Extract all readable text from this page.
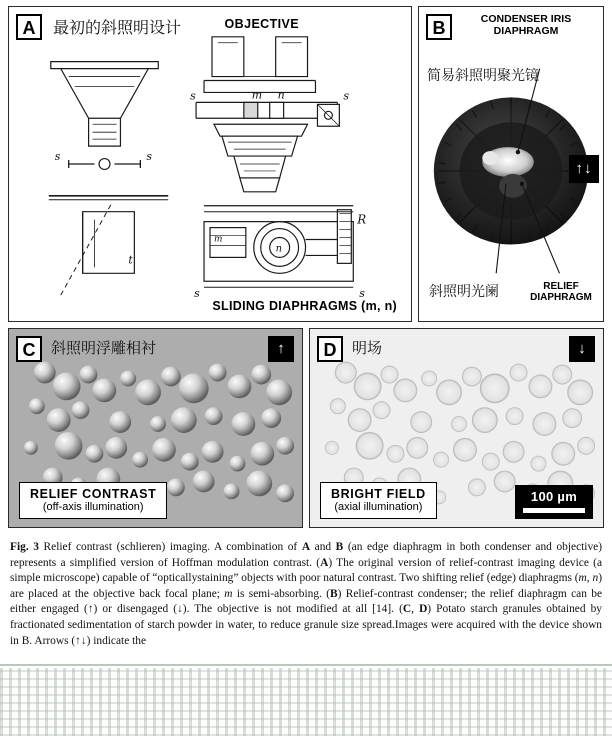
s	s
t
m n
s	s
m
n
s	s
R
A	最初的斜照明设计	OBJECTIVE
SLIDING DIAPHRAGMS (m, n)
B	CONDENSER IRIS DIAPHRAGM
简易斜照明聚光镜
斜照明光阑	RELIEF DIAPHRAGM
↑↓
C	斜照明浮雕相衬	↑
RELIEF CONTRAST
(off-axis illumination)
D	明场	↓
BRIGHT FIELD
(axial illumination)
100 µm
Fig. 3 Relief contrast (schlieren) imaging. A combination of A and B (an edge diaphragm in both condenser and objective) represents a simplified version of Hoffman modulation contrast. (A) The original version of relief-contrast imaging device (a simple microscope) capable of “opticallystaining” objects with poor natural contrast. Two shifting relief (edge) diaphragms (m, n) are placed at the objective back focal plane; m is semi-absorbing. (B) Relief-contrast condenser; the relief diaphragm can be either engaged (↑) or disengaged (↓). The objective is not modified at all [14]. (C, D) Potato starch granules obtained by fractionated sedimentation of starch powder in water, to reduce granule size spread.Images were acquired with the device shown in B. Arrows (↑↓) indicate the
